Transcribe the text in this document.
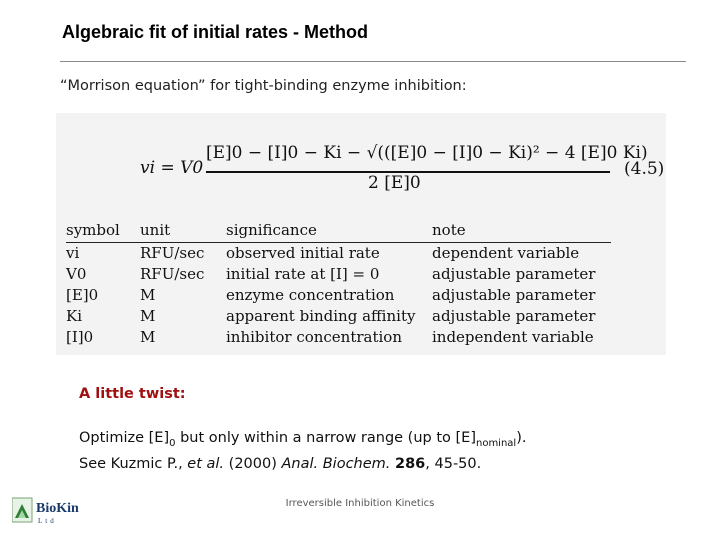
Algebraic fit of initial rates - Method
“Morrison equation” for tight-binding enzyme inhibition:
vi = V0
[E]0 − [I]0 − Ki − √(([E]0 − [I]0 − Ki)² − 4 [E]0 Ki)
2 [E]0
(4.5)
symbol	unit	significance	note
vi	RFU/sec	observed initial rate	dependent variable
V0	RFU/sec	initial rate at [I] = 0	adjustable parameter
[E]0	M	enzyme concentration	adjustable parameter
Ki	M	apparent binding affinity	adjustable parameter
[I]0	M	inhibitor concentration	independent variable
A little twist:
Optimize $[E]_0$ but only within a narrow range (up to $[E]_{nominal}$).
See Kuzmic P., et al. (2000) Anal. Biochem. 286, 45-50.
BioKin
Ltd
Irreversible Inhibition Kinetics
